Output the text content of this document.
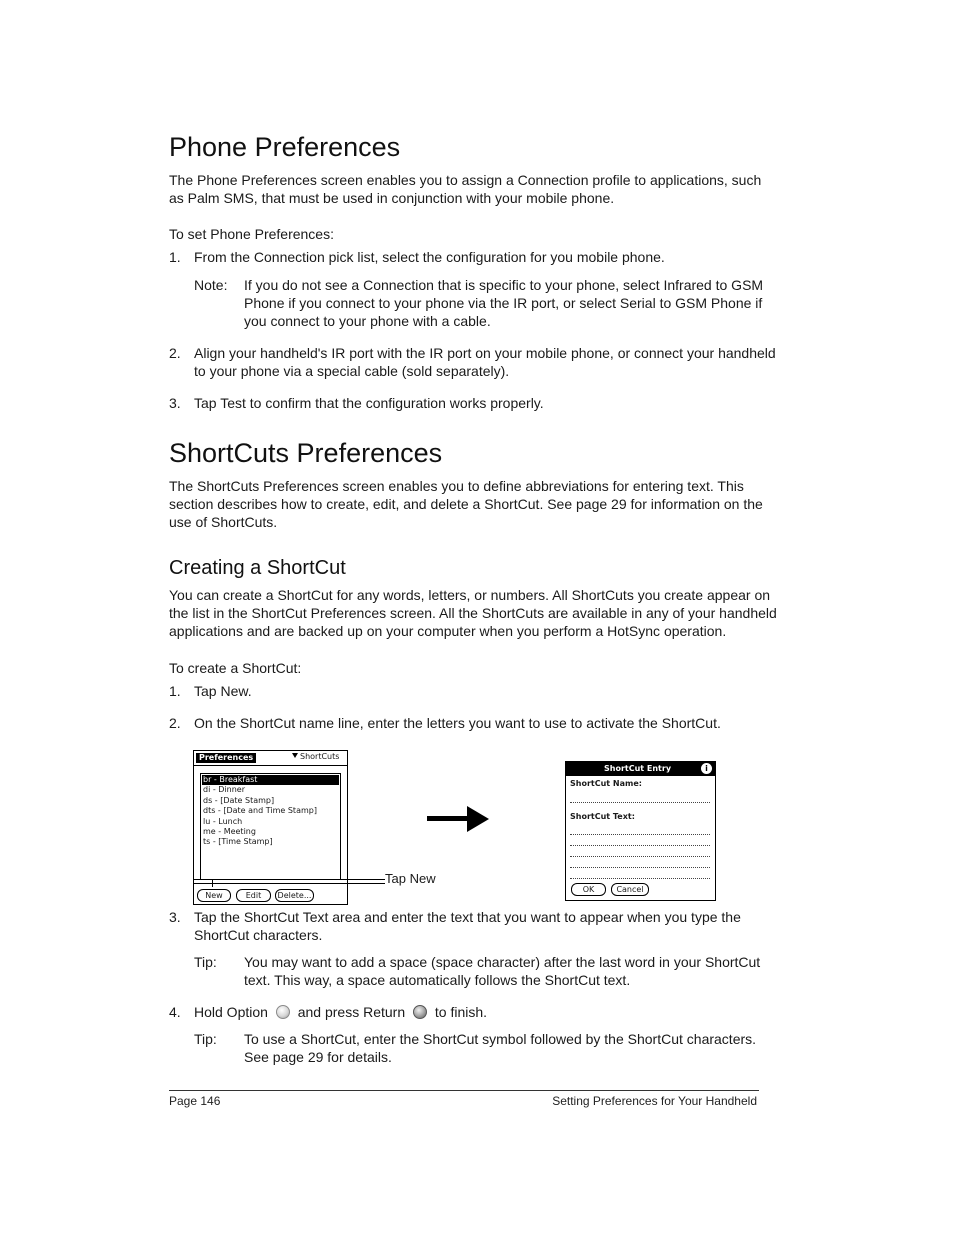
Phone Preferences
The Phone Preferences screen enables you to assign a Connection profile to applications, such
as Palm SMS, that must be used in conjunction with your mobile phone.
To set Phone Preferences:
1. From the Connection pick list, select the configuration for you mobile phone.
Note: If you do not see a Connection that is specific to your phone, select Infrared to GSM
Phone if you connect to your phone via the IR port, or select Serial to GSM Phone if
you connect to your phone with a cable.
2. Align your handheld's IR port with the IR port on your mobile phone, or connect your handheld
to your phone via a special cable (sold separately).
3. Tap Test to confirm that the configuration works properly.
ShortCuts Preferences
The ShortCuts Preferences screen enables you to define abbreviations for entering text. This
section describes how to create, edit, and delete a ShortCut. See page 29 for information on the
use of ShortCuts.
Creating a ShortCut
You can create a ShortCut for any words, letters, or numbers. All ShortCuts you create appear on
the list in the ShortCut Preferences screen. All the ShortCuts are available in any of your handheld
applications and are backed up on your computer when you perform a HotSync operation.
To create a ShortCut:
1. Tap New.
2. On the ShortCut name line, enter the letters you want to use to activate the ShortCut.
Preferences	ShortCuts
br - Breakfast
di - Dinner
ds - [Date Stamp]
dts - [Date and Time Stamp]
lu - Lunch
me - Meeting
ts - [Time Stamp]
New	Edit	Delete...
Tap New
ShortCut Entry	i
ShortCut Name:
ShortCut Text:
OK	Cancel
3. Tap the ShortCut Text area and enter the text that you want to appear when you type the
ShortCut characters.
Tip: You may want to add a space (space character) after the last word in your ShortCut
text. This way, a space automatically follows the ShortCut text.
4. Hold Option and press Return to finish.
Tip: To use a ShortCut, enter the ShortCut symbol followed by the ShortCut characters.
See page 29 for details.
Page 146	Setting Preferences for Your Handheld
